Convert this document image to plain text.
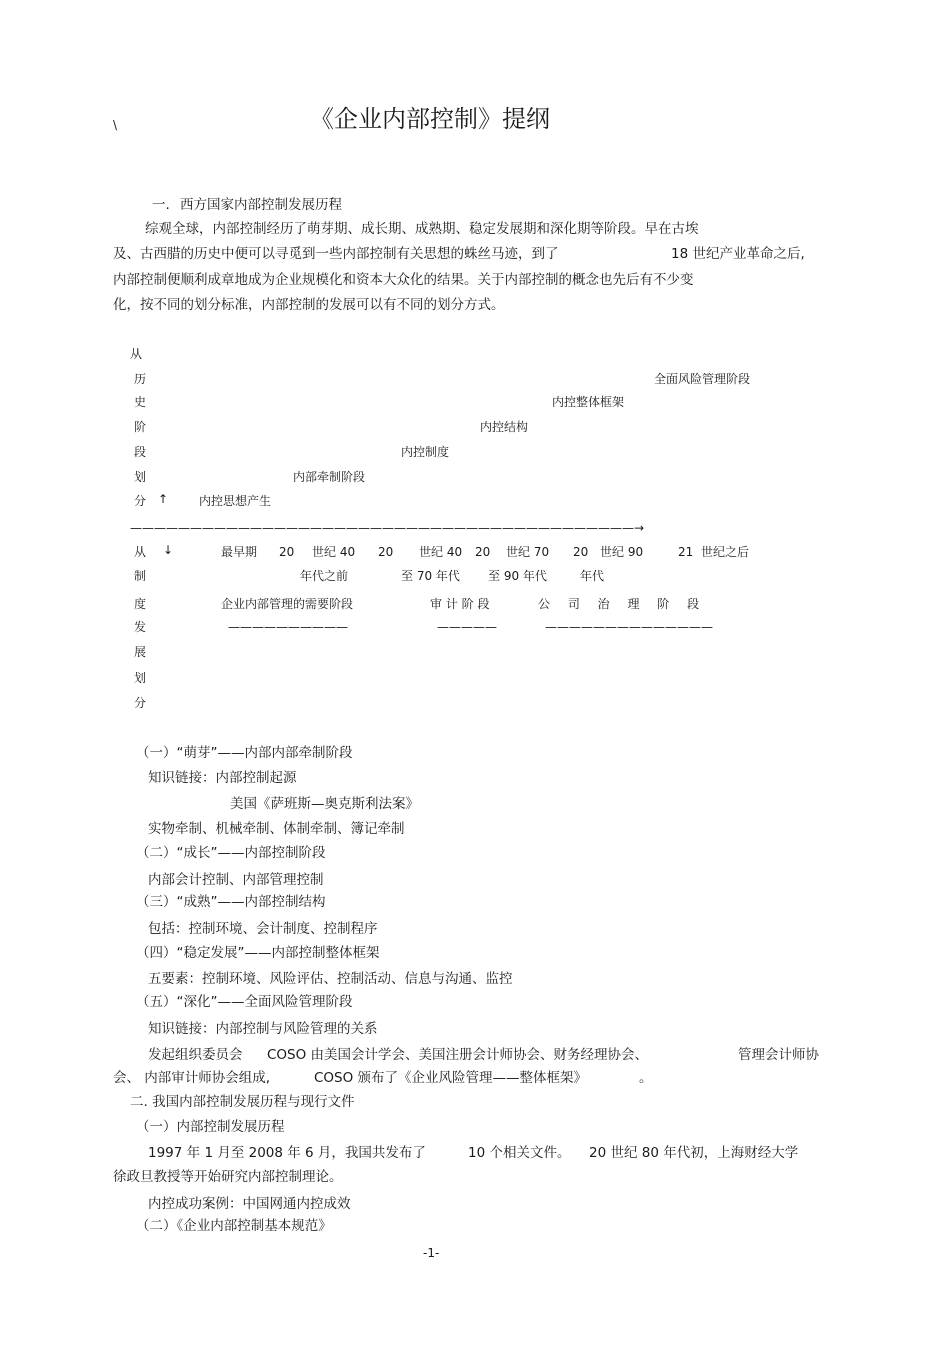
\	《企业内部控制》提纲
一. 西方国家内部控制发展历程
综观全球，内部控制经历了萌芽期、成长期、成熟期、稳定发展期和深化期等阶段。早在古埃
及、古西腊的历史中便可以寻觅到一些内部控制有关思想的蛛丝马迹，到了	18 世纪产业革命之后,
内部控制便顺利成章地成为企业规模化和资本大众化的结果。关于内部控制的概念也先后有不少变
化，按不同的划分标准，内部控制的发展可以有不同的划分方式。
从
历
史
阶
段
划
分 ↑	内控思想产生
内部牵制阶段
内控制度
内控结构
内控整体框架
全面风险管理阶段
——————————————————————————————————————————→
从
制
度
发
展
划
分
↓	最早期 20 世纪 40 20 世纪 40 20 世纪 70 20 世纪 90	21 世纪之后
年代之前	至 70 年代 至 90 年代	年代
企业内部管理的需要阶段	审 计 阶 段	公 司 治 理 阶 段
——————————	—————	——————————————
（一）“萌芽”——内部内部牵制阶段
知识链接：内部控制起源
美国《萨班斯—奥克斯利法案》
实物牵制、机械牵制、体制牵制、簿记牵制
（二）“成长”——内部控制阶段
内部会计控制、内部管理控制
（三）“成熟”——内部控制结构
包括：控制环境、会计制度、控制程序
（四）“稳定发展”——内部控制整体框架
五要素：控制环境、风险评估、控制活动、信息与沟通、监控
（五）“深化”——全面风险管理阶段
知识链接：内部控制与风险管理的关系
发起组织委员会 COSO 由美国会计学会、美国注册会计师协会、财务经理协会、	管理会计师协
会、 内部审计师协会组成,	COSO 颁布了《企业风险管理——整体框架》	。
二. 我国内部控制发展历程与现行文件
（一）内部控制发展历程
1997 年 1 月至 2008 年 6 月，我国共发布了	10 个相关文件。 20 世纪 80 年代初，上海财经大学
徐政旦教授等开始研究内部控制理论。
内控成功案例：中国网通内控成效
（二）《企业内部控制基本规范》
-1-
